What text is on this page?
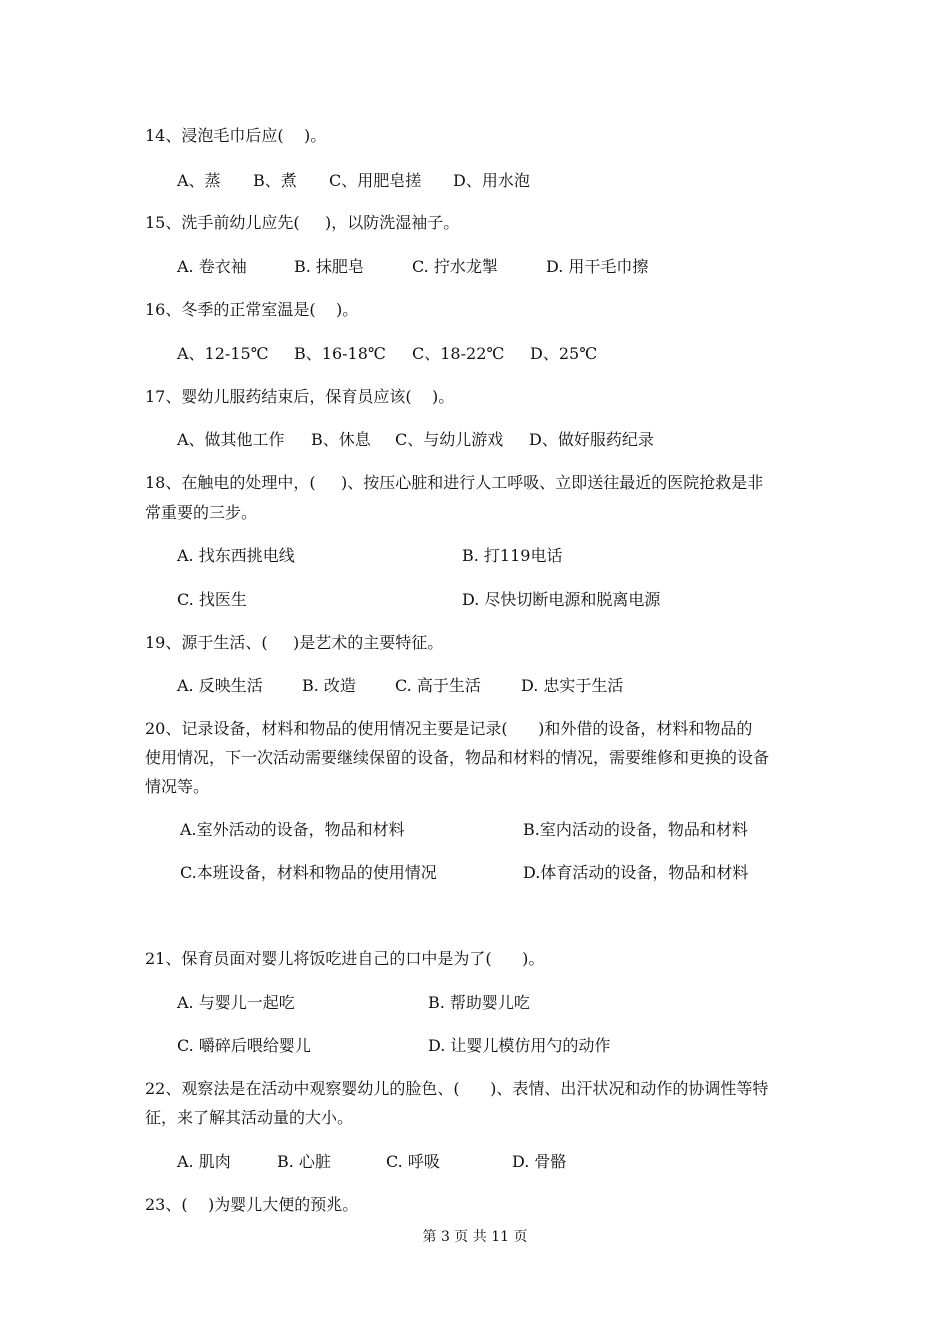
14、浸泡毛巾后应(    )。
A、蒸 B、煮 C、用肥皂搓 D、用水泡
15、洗手前幼儿应先(     )，以防洗湿袖子。
A. 卷衣袖	B. 抹肥皂	C. 拧水龙掣	D. 用干毛巾擦
16、冬季的正常室温是(    )。
A、12-15℃ B、16-18℃ C、18-22℃ D、25℃
17、婴幼儿服药结束后，保育员应该(    )。
A、做其他工作 B、休息 C、与幼儿游戏 D、做好服药纪录
18、在触电的处理中，(     )、按压心脏和进行人工呼吸、立即送往最近的医院抢救是非
常重要的三步。
A. 找东西挑电线	B. 打119电话
C. 找医生	D. 尽快切断电源和脱离电源
19、源于生活、(     )是艺术的主要特征。
A. 反映生活 B. 改造 C. 高于生活	D. 忠实于生活
20、记录设备，材料和物品的使用情况主要是记录(      )和外借的设备，材料和物品的
使用情况，下一次活动需要继续保留的设备，物品和材料的情况，需要维修和更换的设备
情况等。
A.室外活动的设备，物品和材料	B.室内活动的设备，物品和材料
C.本班设备，材料和物品的使用情况	D.体育活动的设备，物品和材料
21、保育员面对婴儿将饭吃进自己的口中是为了(      )。
A. 与婴儿一起吃	B. 帮助婴儿吃
C. 嚼碎后喂给婴儿	D. 让婴儿模仿用勺的动作
22、观察法是在活动中观察婴幼儿的脸色、(      )、表情、出汗状况和动作的协调性等特
征，来了解其活动量的大小。
A. 肌肉	B. 心脏	C. 呼吸	D. 骨骼
23、(    )为婴儿大便的预兆。
第 3 页 共 11 页
